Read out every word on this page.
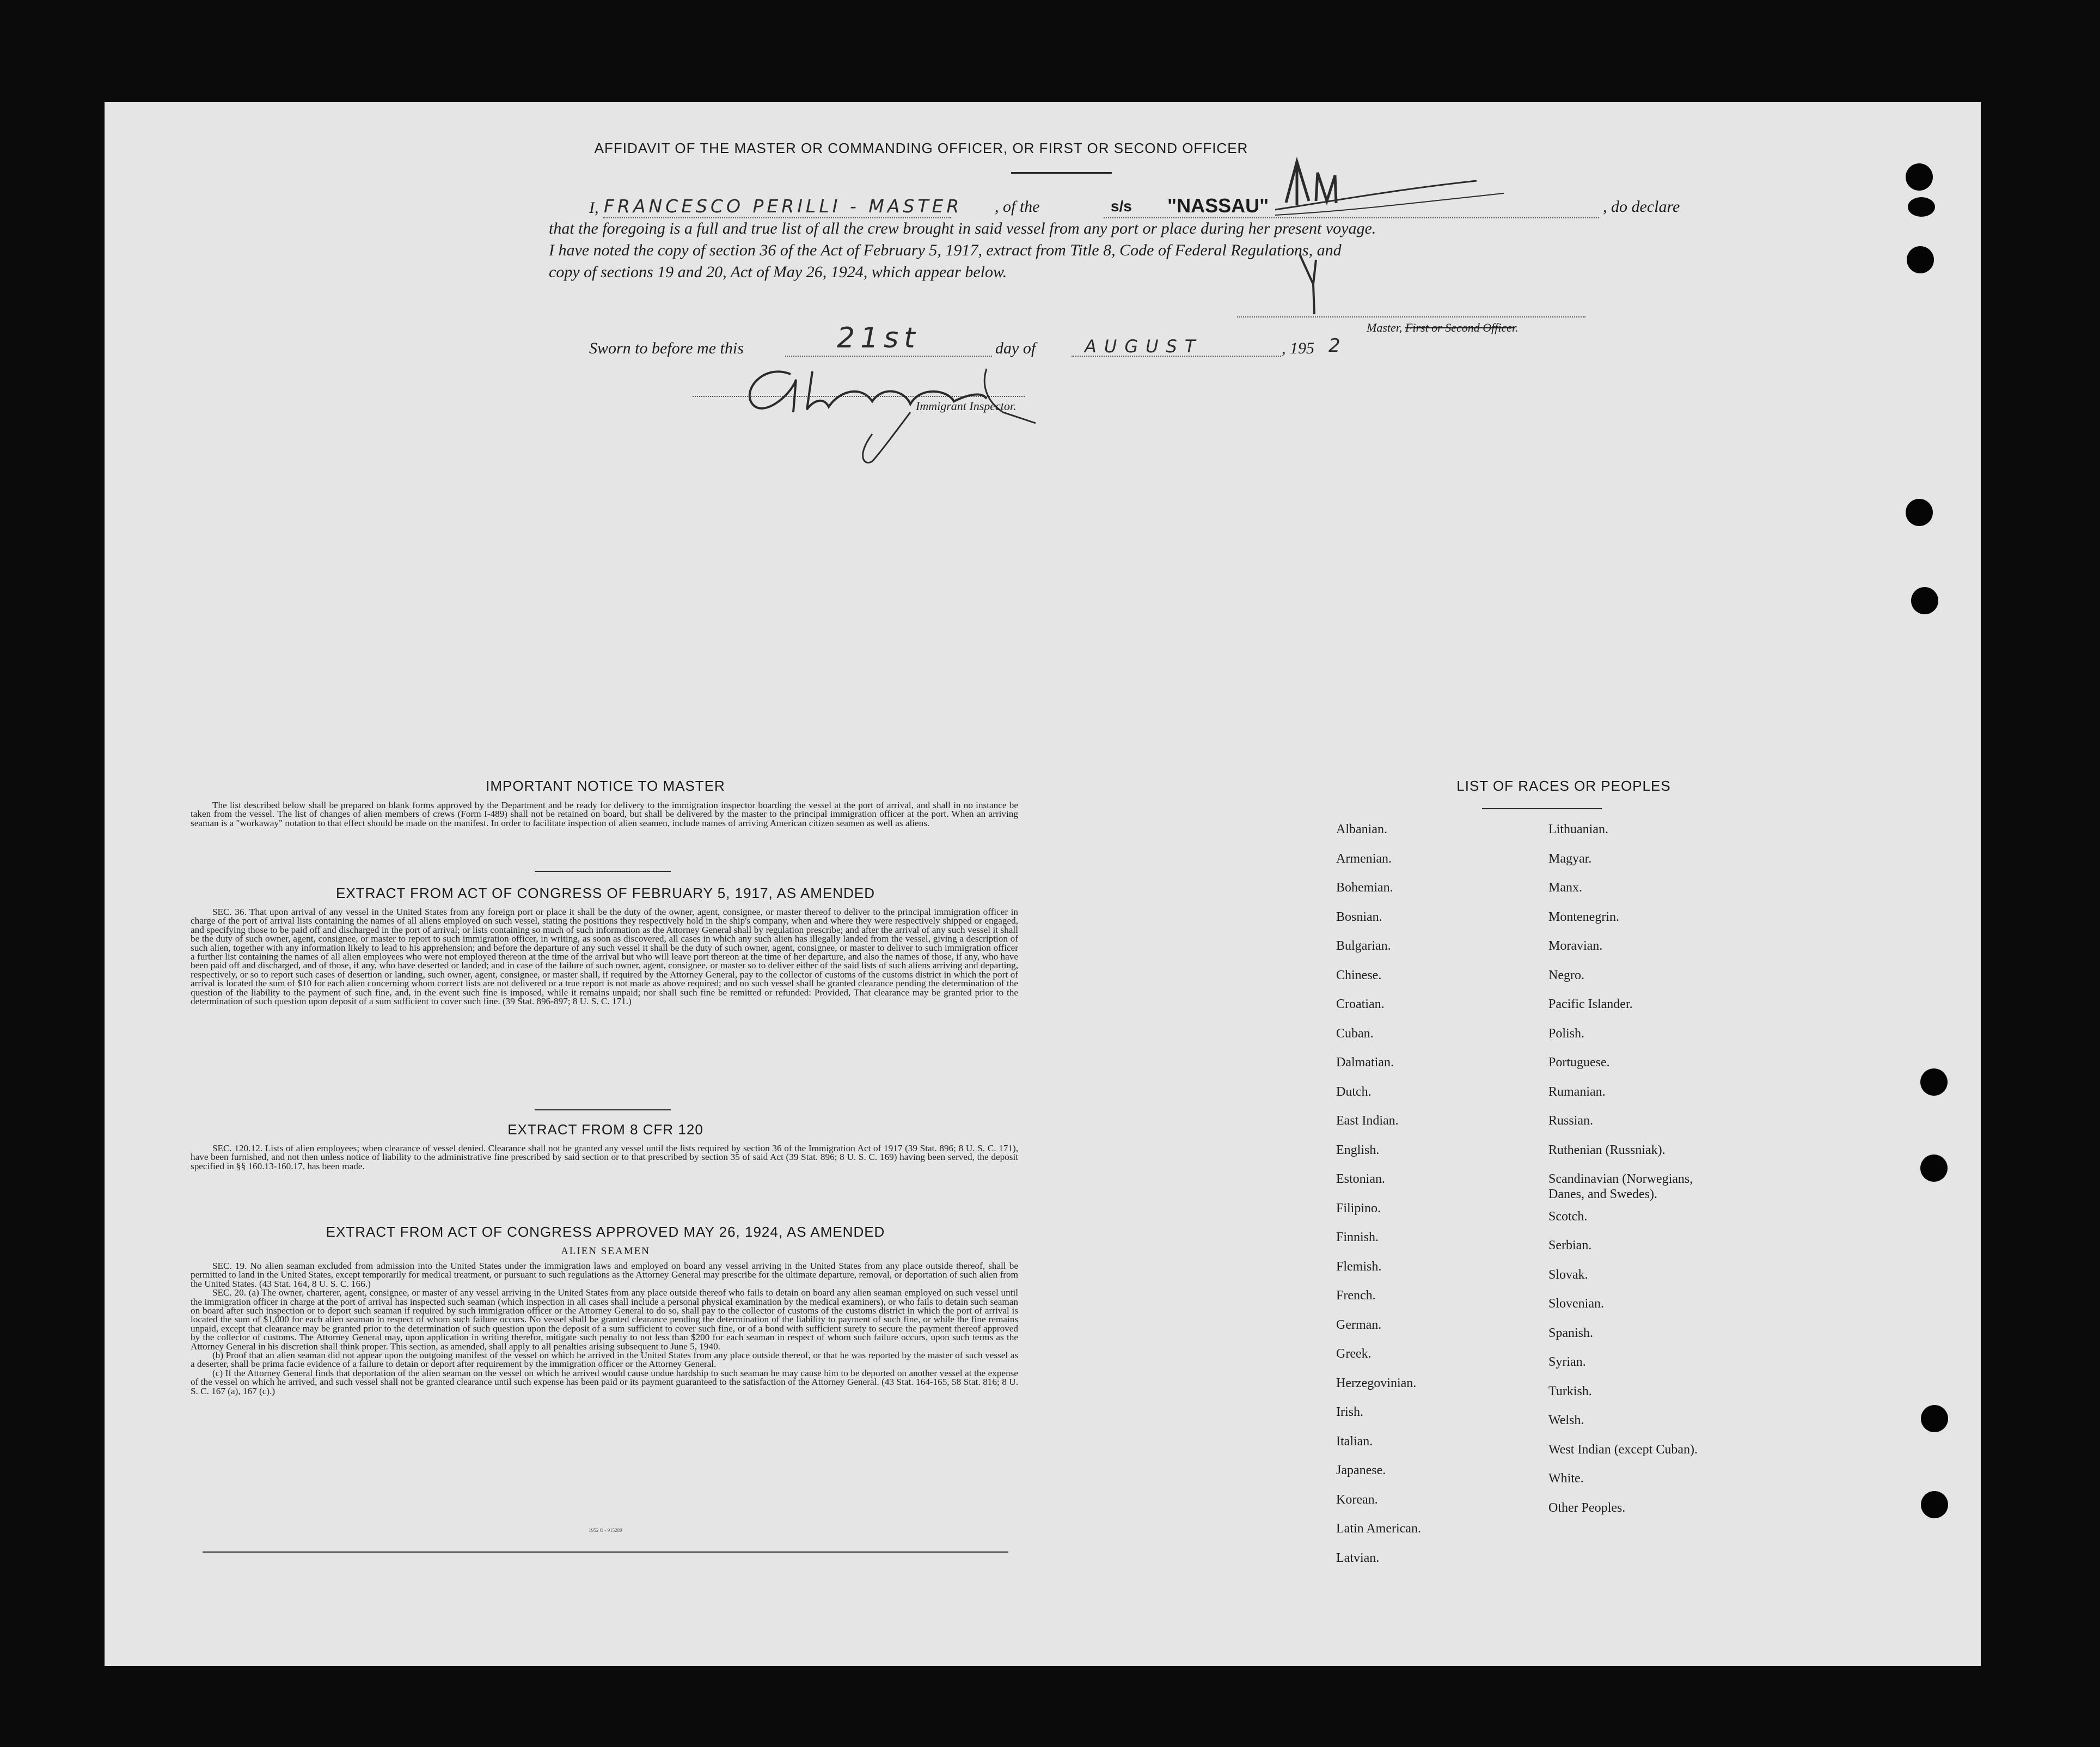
AFFIDAVIT OF THE MASTER OR COMMANDING OFFICER, OR FIRST OR SECOND OFFICER
I, FRANCESCO PERILLI - MASTER , of the	s/s "NASSAU"	, do declare
that the foregoing is a full and true list of all the crew brought in said vessel from any port or place during her present voyage.
I have noted the copy of section 36 of the Act of February 5, 1917, extract from Title 8, Code of Federal Regulations, and
copy of sections 19 and 20, Act of May 26, 1924, which appear below.
Master, First or Second Officer.
Sworn to before me this	21st	day of	AUGUST	, 195 2
Immigrant Inspector.
IMPORTANT NOTICE TO MASTER

The list described below shall be prepared on blank forms approved by the Department and be ready for delivery to the immigration inspector boarding the vessel at the port of arrival, and shall in no instance be taken from the vessel. The list of changes of alien members of crews (Form I-489) shall not be retained on board, but shall be delivered by the master to the principal immigration officer at the port. When an arriving seaman is a "workaway" notation to that effect should be made on the manifest. In order to facilitate inspection of alien seamen, include names of arriving American citizen seamen as well as aliens.

EXTRACT FROM ACT OF CONGRESS OF FEBRUARY 5, 1917, AS AMENDED

SEC. 36. That upon arrival of any vessel in the United States from any foreign port or place it shall be the duty of the owner, agent, consignee, or master thereof to deliver to the principal immigration officer in charge of the port of arrival lists containing the names of all aliens employed on such vessel, stating the positions they respectively hold in the ship's company, when and where they were respectively shipped or engaged, and specifying those to be paid off and discharged in the port of arrival; or lists containing so much of such information as the Attorney General shall by regulation prescribe; and after the arrival of any such vessel it shall be the duty of such owner, agent, consignee, or master to report to such immigration officer, in writing, as soon as discovered, all cases in which any such alien has illegally landed from the vessel, giving a description of such alien, together with any information likely to lead to his apprehension; and before the departure of any such vessel it shall be the duty of such owner, agent, consignee, or master to deliver to such immigration officer a further list containing the names of all alien employees who were not employed thereon at the time of the arrival but who will leave port thereon at the time of her departure, and also the names of those, if any, who have been paid off and discharged, and of those, if any, who have deserted or landed; and in case of the failure of such owner, agent, consignee, or master so to deliver either of the said lists of such aliens arriving and departing, respectively, or so to report such cases of desertion or landing, such owner, agent, consignee, or master shall, if required by the Attorney General, pay to the collector of customs of the customs district in which the port of arrival is located the sum of $10 for each alien concerning whom correct lists are not delivered or a true report is not made as above required; and no such vessel shall be granted clearance pending the determination of the question of the liability to the payment of such fine, and, in the event such fine is imposed, while it remains unpaid; nor shall such fine be remitted or refunded: Provided, That clearance may be granted prior to the determination of such question upon deposit of a sum sufficient to cover such fine. (39 Stat. 896-897; 8 U. S. C. 171.)

EXTRACT FROM 8 CFR 120

SEC. 120.12. Lists of alien employees; when clearance of vessel denied. Clearance shall not be granted any vessel until the lists required by section 36 of the Immigration Act of 1917 (39 Stat. 896; 8 U. S. C. 171), have been furnished, and not then unless notice of liability to the administrative fine prescribed by said section or to that prescribed by section 35 of said Act (39 Stat. 896; 8 U. S. C. 169) having been served, the deposit specified in §§ 160.13-160.17, has been made.

EXTRACT FROM ACT OF CONGRESS APPROVED MAY 26, 1924, AS AMENDED
ALIEN SEAMEN

SEC. 19. No alien seaman excluded from admission into the United States under the immigration laws and employed on board any vessel arriving in the United States from any place outside thereof, shall be permitted to land in the United States, except temporarily for medical treatment, or pursuant to such regulations as the Attorney General may prescribe for the ultimate departure, removal, or deportation of such alien from the United States. (43 Stat. 164, 8 U. S. C. 166.)

SEC. 20. (a) The owner, charterer, agent, consignee, or master of any vessel arriving in the United States from any place outside thereof who fails to detain on board any alien seaman employed on such vessel until the immigration officer in charge at the port of arrival has inspected such seaman (which inspection in all cases shall include a personal physical examination by the medical examiners), or who fails to detain such seaman on board after such inspection or to deport such seaman if required by such immigration officer or the Attorney General to do so, shall pay to the collector of customs of the customs district in which the port of arrival is located the sum of $1,000 for each alien seaman in respect of whom such failure occurs. No vessel shall be granted clearance pending the determination of the liability to payment of such fine, or while the fine remains unpaid, except that clearance may be granted prior to the determination of such question upon the deposit of a sum sufficient to cover such fine, or of a bond with sufficient surety to secure the payment thereof approved by the collector of customs. The Attorney General may, upon application in writing therefor, mitigate such penalty to not less than $200 for each seaman in respect of whom such failure occurs, upon such terms as the Attorney General in his discretion shall think proper. This section, as amended, shall apply to all penalties arising subsequent to June 5, 1940.

(b) Proof that an alien seaman did not appear upon the outgoing manifest of the vessel on which he arrived in the United States from any place outside thereof, or that he was reported by the master of such vessel as a deserter, shall be prima facie evidence of a failure to detain or deport after requirement by the immigration officer or the Attorney General.

(c) If the Attorney General finds that deportation of the alien seaman on the vessel on which he arrived would cause undue hardship to such seaman he may cause him to be deported on another vessel at the expense of the vessel on which he arrived, and such vessel shall not be granted clearance until such expense has been paid or its payment guaranteed to the satisfaction of the Attorney General. (43 Stat. 164-165, 58 Stat. 816; 8 U. S. C. 167 (a), 167 (c).)

1952 O - 915289
LIST OF RACES OR PEOPLES
Albanian.
Armenian.
Bohemian.
Bosnian.
Bulgarian.
Chinese.
Croatian.
Cuban.
Dalmatian.
Dutch.
East Indian.
English.
Estonian.
Filipino.
Finnish.
Flemish.
French.
German.
Greek.
Herzegovinian.
Irish.
Italian.
Japanese.
Korean.
Latin American.
Latvian.
Lithuanian.
Magyar.
Manx.
Montenegrin.
Moravian.
Negro.
Pacific Islander.
Polish.
Portuguese.
Rumanian.
Russian.
Ruthenian (Russniak).
Scandinavian (Norwegians,
Danes, and Swedes).
Scotch.
Serbian.
Slovak.
Slovenian.
Spanish.
Syrian.
Turkish.
Welsh.
West Indian (except Cuban).
White.
Other Peoples.
